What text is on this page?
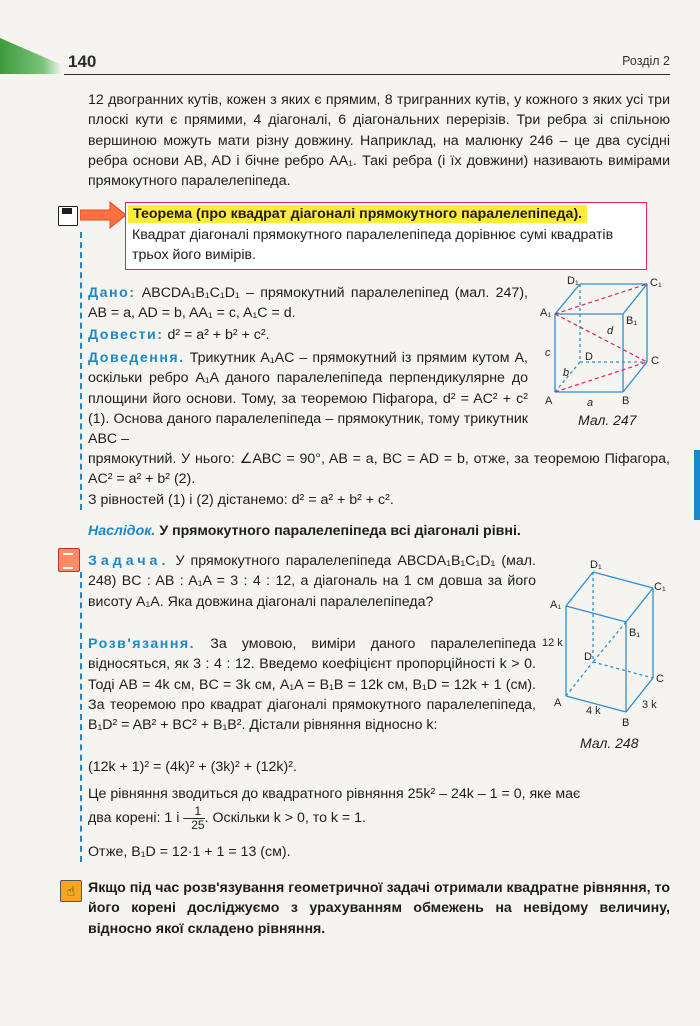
140	Розділ 2

12 двогранних кутів, кожен з яких є прямим, 8 тригранних кутів, у кожного з яких усі три плоскі кути є прямими, 4 діагоналі, 6 діагональних перерізів. Три ребра зі спільною вершиною можуть мати різну довжину. Наприклад, на малюнку 246 – це два сусідні ребра основи AB, AD і бічне ребро AA₁. Такі ребра (і їх довжини) називають вимірами прямокутного паралелепіпеда.

Теорема (про квадрат діагоналі прямокутного паралелепіпеда).
Квадрат діагоналі прямокутного паралелепіпеда дорівнює сумі квадратів трьох його вимірів.
Дано: ABCDA₁B₁C₁D₁ – прямокутний паралелепіпед (мал. 247), AB = a, AD = b, AA₁ = c, A₁C = d.
Довести: d² = a² + b² + c².
Доведення. Трикутник A₁AC – прямокутний із прямим кутом A, оскільки ребро A₁A даного паралелепіпеда перпендикулярне до площини його основи. Тому, за теоремою Піфагора, d² = AC² + c² (1). Основа даного паралелепіпеда – прямокутник, тому трикутник ABC –

прямокутний. У нього: ∠ABC = 90°, AB = a, BC = AD = b, отже, за теоремою Піфагора, AC² = a² + b² (2).

З рівностей (1) і (2) дістанемо: d² = a² + b² + c².

D₁	C₁
A₁
B₁
D	C
A	B
a
b
c
d
Мал. 247
Наслідок. У прямокутного паралелепіпеда всі діагоналі рівні.
Задача. У прямокутного паралелепіпеда ABCDA₁B₁C₁D₁ (мал. 248) BC : AB : A₁A = 3 : 4 : 12, а діагональ на 1 см довша за його висоту A₁A. Яка довжина діагоналі паралелепіпеда?
Розв'язання. За умовою, виміри даного паралелепіпеда відносяться, як 3 : 4 : 12. Введемо коефіцієнт пропорційності k > 0. Тоді AB = 4k см, BC = 3k см, A₁A = B₁B = 12k см, B₁D = 12k + 1 (см). За теоремою про квадрат діагоналі прямокутного паралелепіпеда, B₁D² = AB² + BC² + B₁B². Дістали рівняння відносно k:

(12k + 1)² = (4k)² + (3k)² + (12k)².

Це рівняння зводиться до квадратного рівняння 25k² – 24k – 1 = 0, яке має

два корені: 1 і – $\frac{1}{25}$ . Оскільки k > 0, то k = 1.

Отже, B₁D = 12·1 + 1 = 13 (см).

D₁
C₁
A₁
B₁
D
C
A
B
12 k
4 k	3 k
Мал. 248
☝ Якщо під час розв'язування геометричної задачі отримали квадратне рівняння, то його корені досліджуємо з урахуванням обмежень на невідому величину, відносно якої складено рівняння.
